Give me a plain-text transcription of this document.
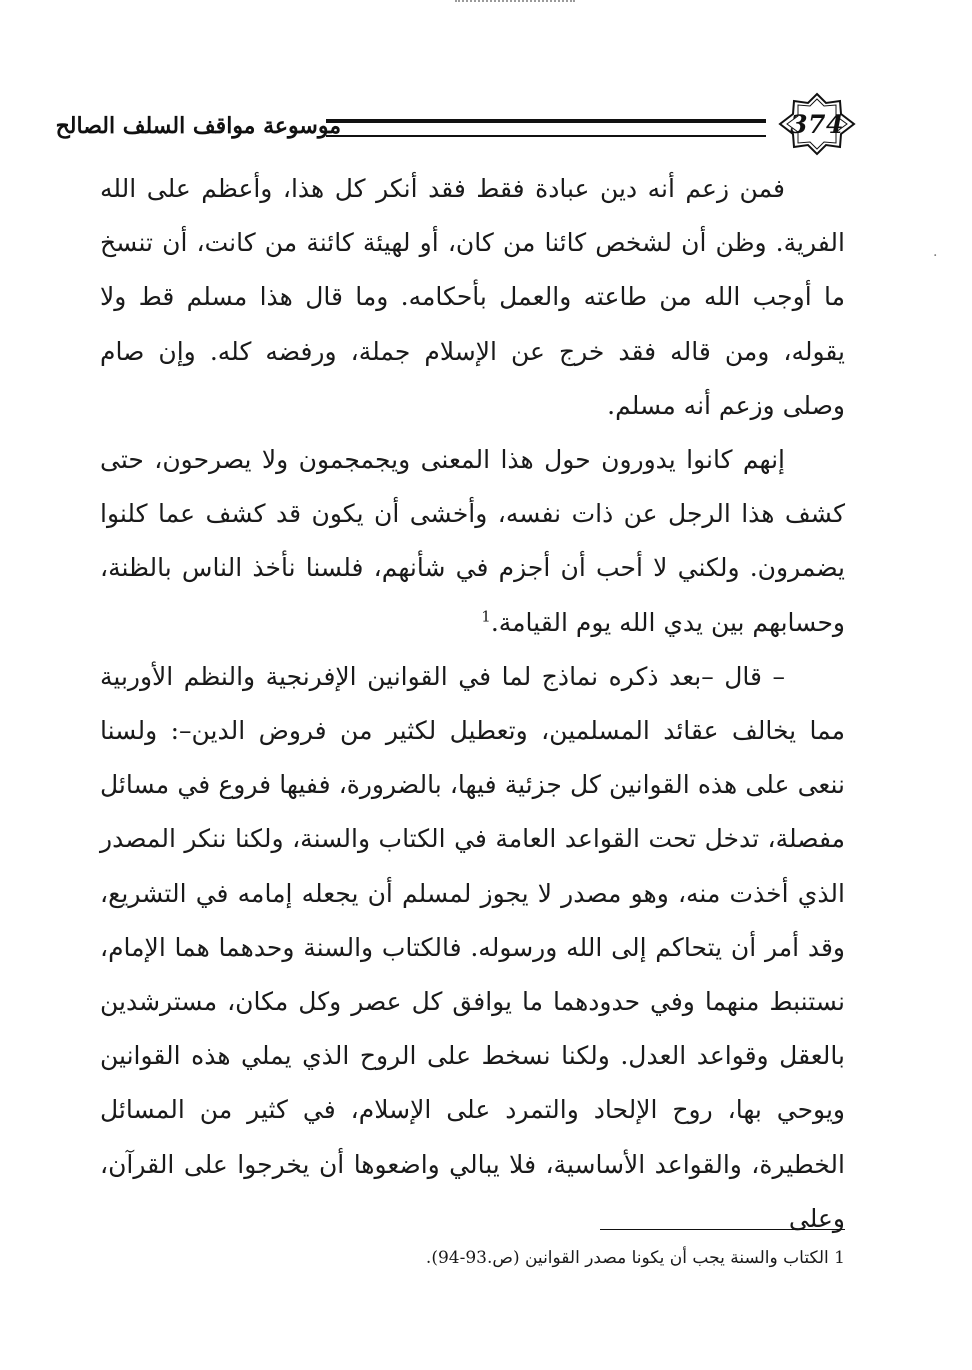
·
موسوعة مواقف السلف الصالح	374

فمن زعم أنه دين عبادة فقط فقد أنكر كل هذا، وأعظم على الله الفرية. وظن أن لشخص كائنا من كان، أو لهيئة كائنة من كانت، أن تنسخ ما أوجب الله من طاعته والعمل بأحكامه. وما قال هذا مسلم قط ولا يقوله، ومن قاله فقد خرج عن الإسلام جملة، ورفضه كله. وإن صام وصلى وزعم أنه مسلم.

إنهم كانوا يدورون حول هذا المعنى ويجمجمون ولا يصرحون، حتى كشف هذا الرجل عن ذات نفسه، وأخشى أن يكون قد كشف عما كلنوا يضمرون. ولكني لا أحب أن أجزم في شأنهم، فلسنا نأخذ الناس بالظنة، وحسابهم بين يدي الله يوم القيامة.$^1$

– قال –بعد ذكره نماذج لما في القوانين الإفرنجية والنظم الأوربية مما يخالف عقائد المسلمين، وتعطيل لكثير من فروض الدين–: ولسنا ننعى على هذه القوانين كل جزئية فيها، بالضرورة، ففيها فروع في مسائل مفصلة، تدخل تحت القواعد العامة في الكتاب والسنة، ولكنا ننكر المصدر الذي أخذت منه، وهو مصدر لا يجوز لمسلم أن يجعله إمامه في التشريع، وقد أمر أن يتحاكم إلى الله ورسوله. فالكتاب والسنة وحدهما هما الإمام، نستنبط منهما وفي حدودهما ما يوافق كل عصر وكل مكان، مسترشدين بالعقل وقواعد العدل. ولكنا نسخط على الروح الذي يملي هذه القوانين ويوحي بها، روح الإلحاد والتمرد على الإسلام، في كثير من المسائل الخطيرة، والقواعد الأساسية، فلا يبالي واضعوها أن يخرجوا على القرآن، وعلى

1 الكتاب والسنة يجب أن يكونا مصدر القوانين (ص.93-94).
